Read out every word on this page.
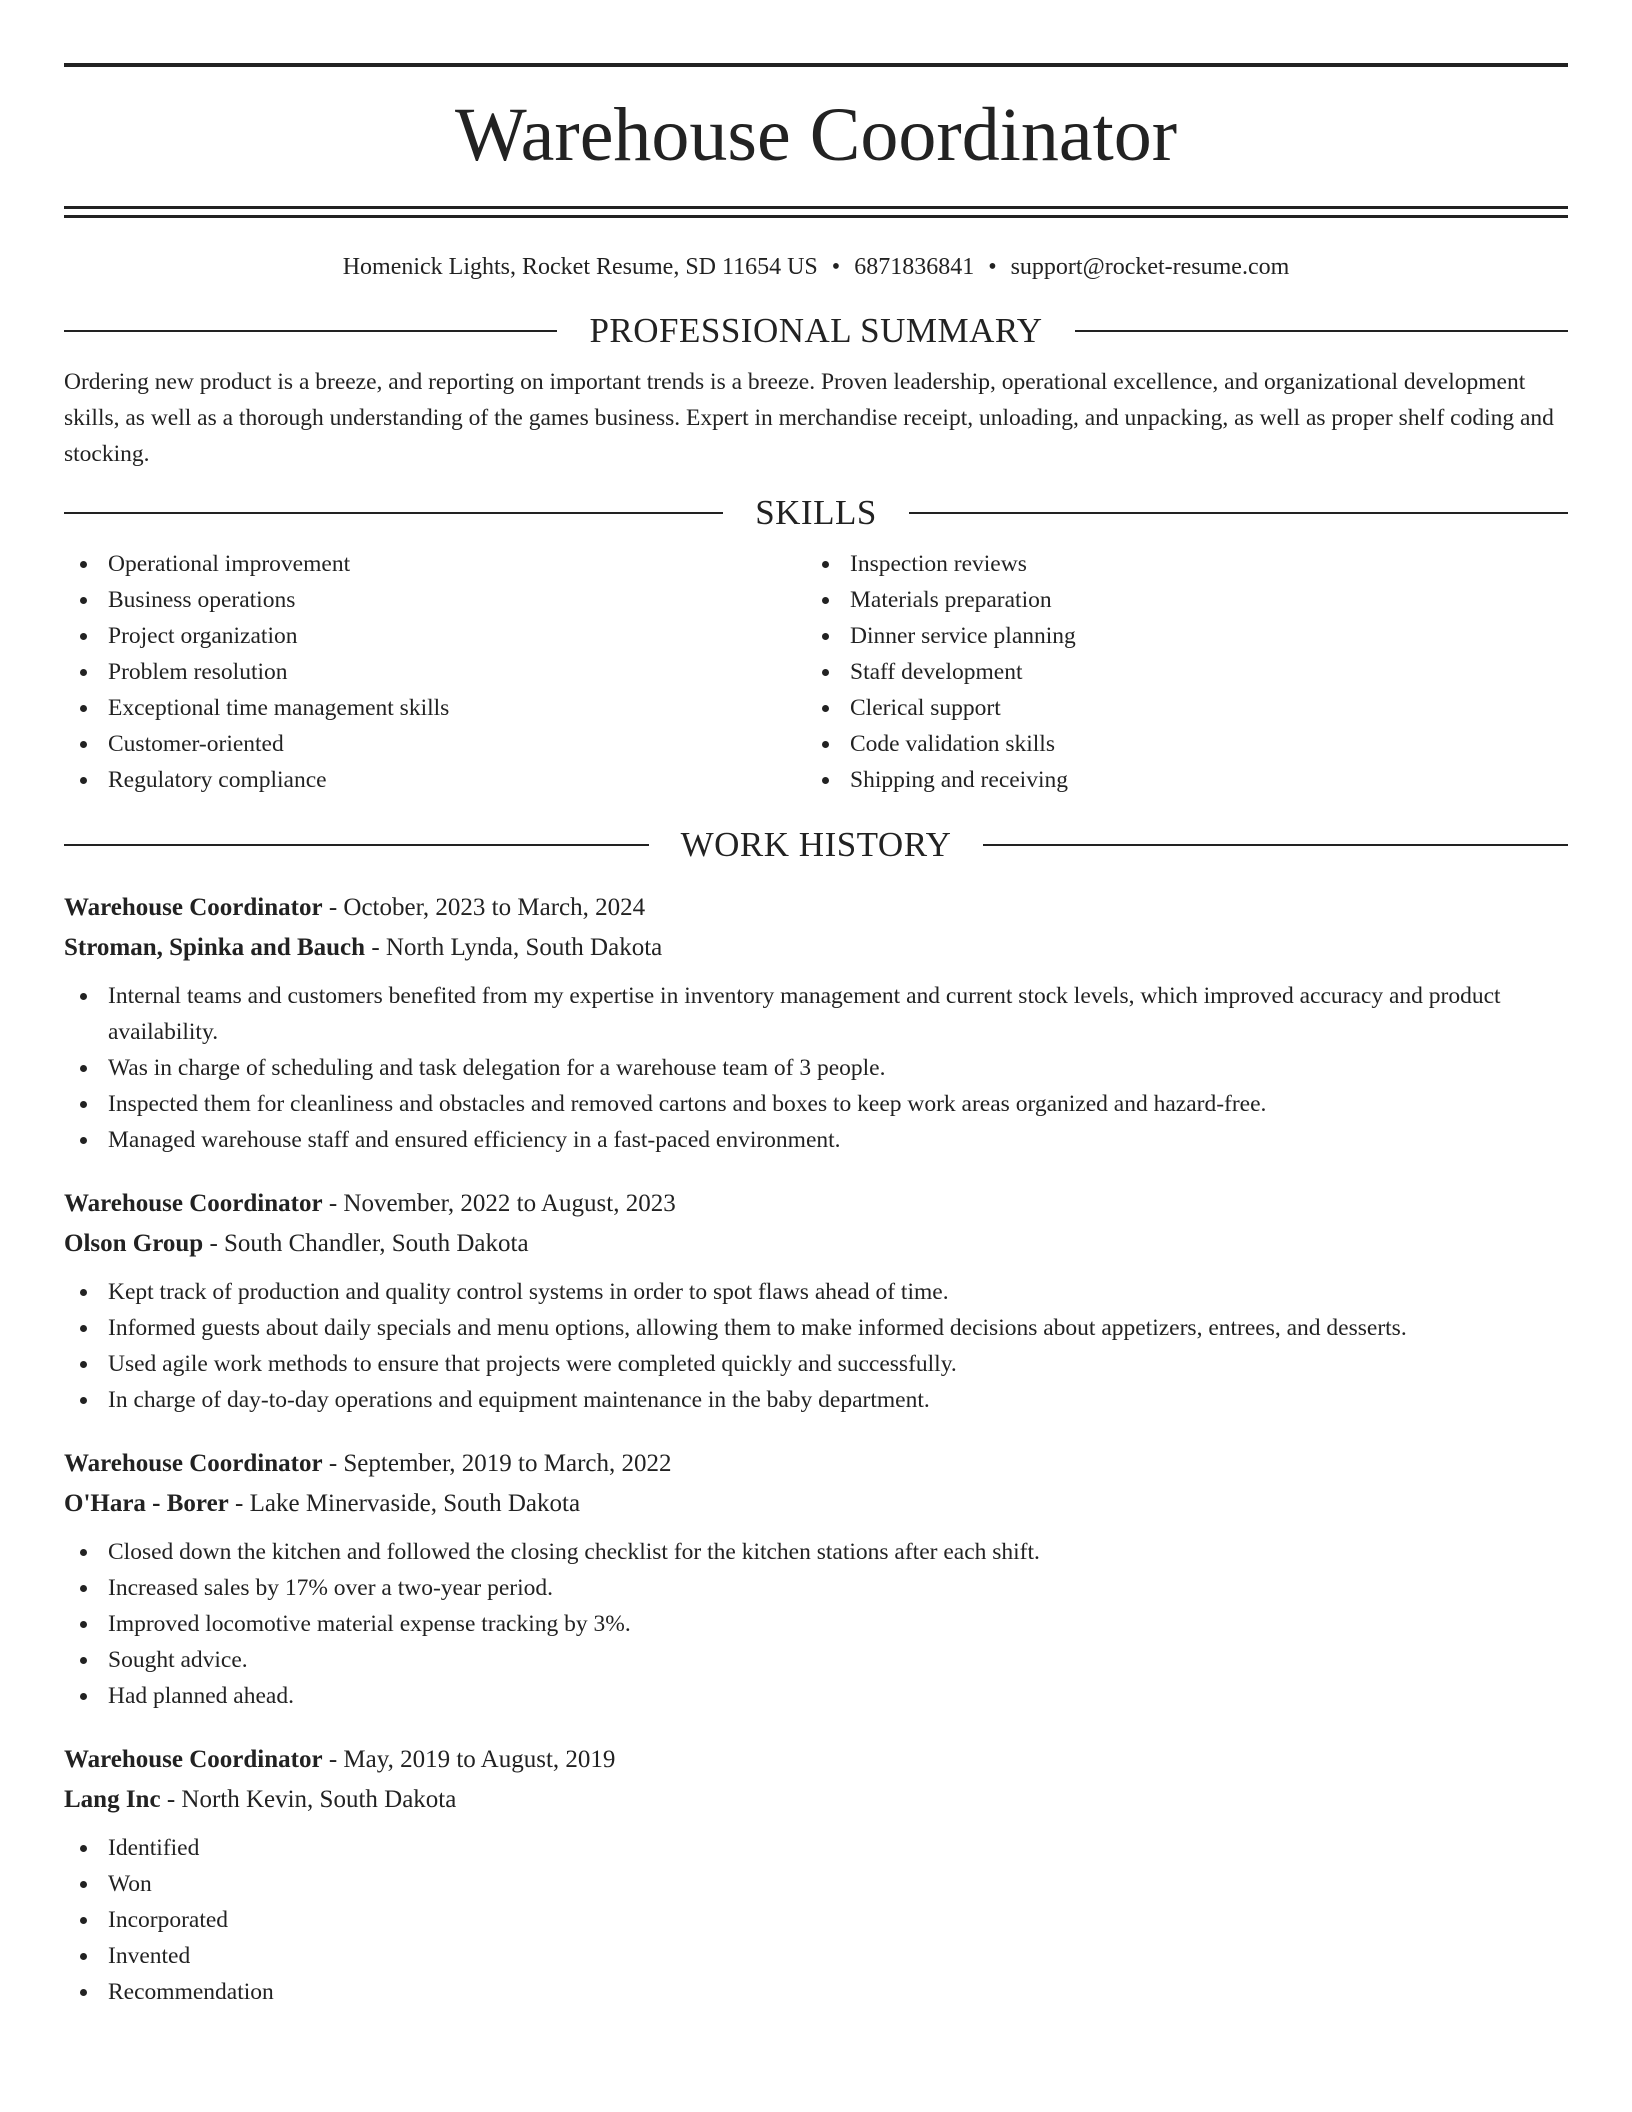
Warehouse Coordinator
Homenick Lights, Rocket Resume, SD 11654 US • 6871836841 • support@rocket-resume.com
PROFESSIONAL SUMMARY
Ordering new product is a breeze, and reporting on important trends is a breeze. Proven leadership, operational excellence, and organizational development skills, as well as a thorough understanding of the games business. Expert in merchandise receipt, unloading, and unpacking, as well as proper shelf coding and stocking.
SKILLS
Operational improvement
Business operations
Project organization
Problem resolution
Exceptional time management skills
Customer-oriented
Regulatory compliance
Inspection reviews
Materials preparation
Dinner service planning
Staff development
Clerical support
Code validation skills
Shipping and receiving
WORK HISTORY
Warehouse Coordinator - October, 2023 to March, 2024
Stroman, Spinka and Bauch - North Lynda, South Dakota
Internal teams and customers benefited from my expertise in inventory management and current stock levels, which improved accuracy and product availability.
Was in charge of scheduling and task delegation for a warehouse team of 3 people.
Inspected them for cleanliness and obstacles and removed cartons and boxes to keep work areas organized and hazard-free.
Managed warehouse staff and ensured efficiency in a fast-paced environment.
Warehouse Coordinator - November, 2022 to August, 2023
Olson Group - South Chandler, South Dakota
Kept track of production and quality control systems in order to spot flaws ahead of time.
Informed guests about daily specials and menu options, allowing them to make informed decisions about appetizers, entrees, and desserts.
Used agile work methods to ensure that projects were completed quickly and successfully.
In charge of day-to-day operations and equipment maintenance in the baby department.
Warehouse Coordinator - September, 2019 to March, 2022
O'Hara - Borer - Lake Minervaside, South Dakota
Closed down the kitchen and followed the closing checklist for the kitchen stations after each shift.
Increased sales by 17% over a two-year period.
Improved locomotive material expense tracking by 3%.
Sought advice.
Had planned ahead.
Warehouse Coordinator - May, 2019 to August, 2019
Lang Inc - North Kevin, South Dakota
Identified
Won
Incorporated
Invented
Recommendation
